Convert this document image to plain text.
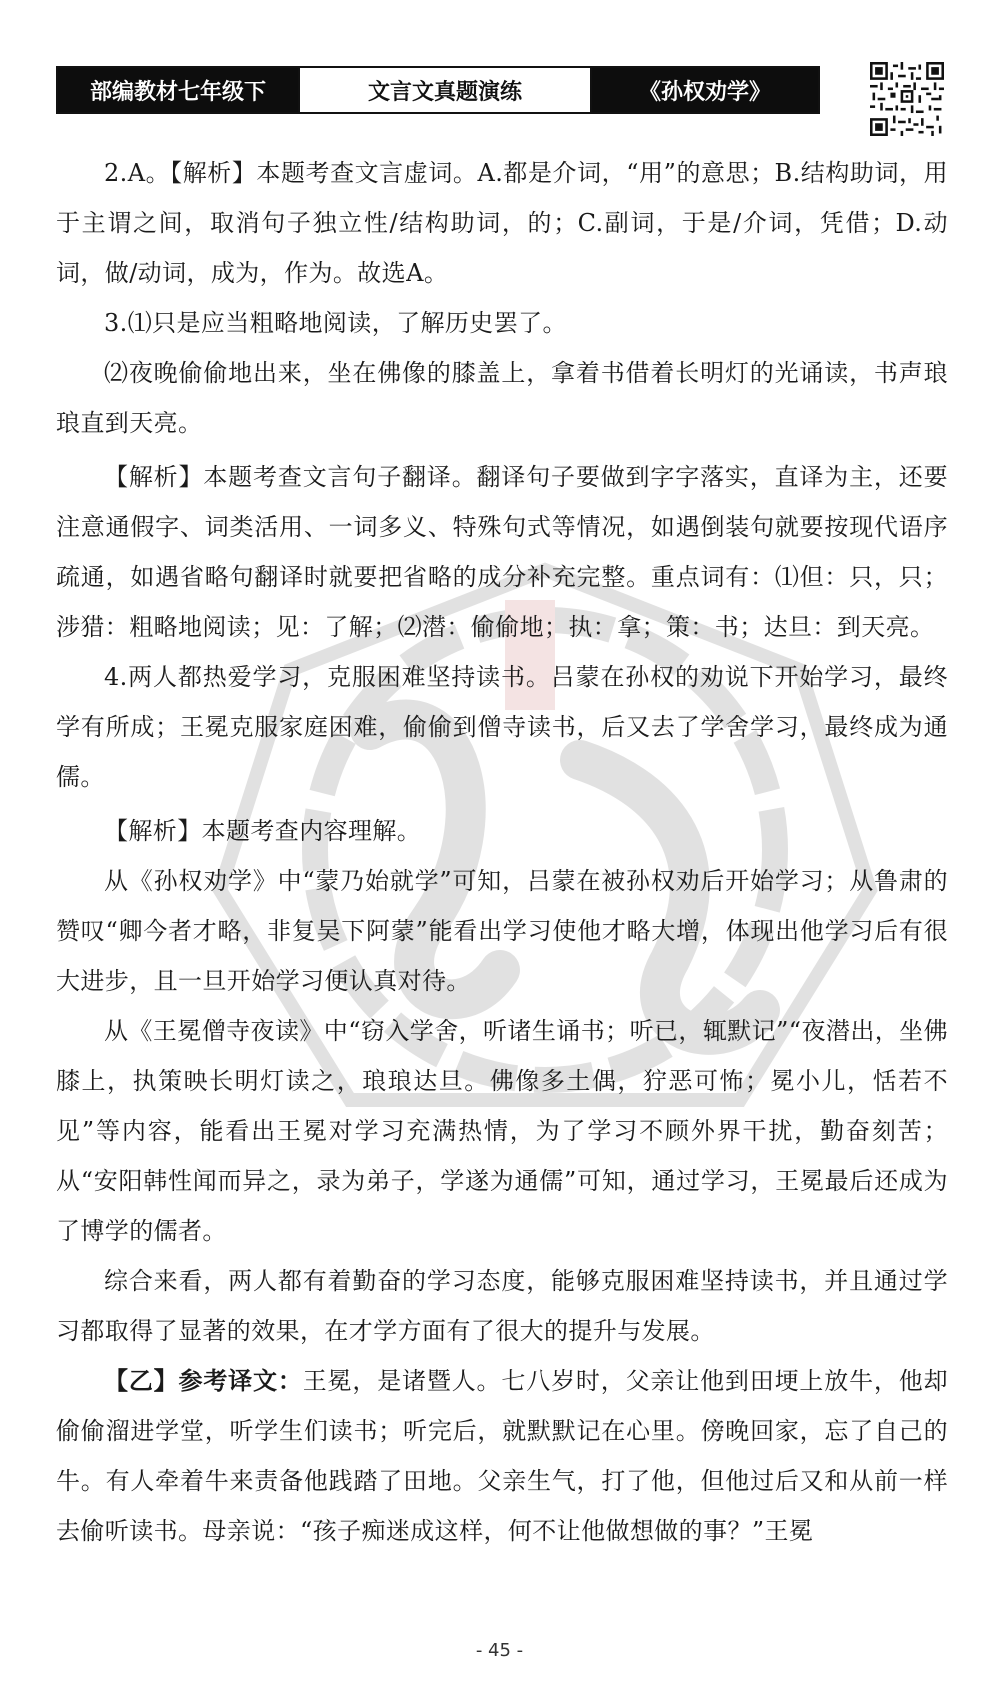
部编教材七年级下	文言文真题演练	《孙权劝学》

2.A。【解析】本题考查文言虚词。A.都是介词，“用”的意思；B.结构助词，用于主谓之间，取消句子独立性/结构助词，的；C.副词，于是/介词，凭借；D.动词，做/动词，成为，作为。故选A。

3.⑴只是应当粗略地阅读，了解历史罢了。

⑵夜晚偷偷地出来，坐在佛像的膝盖上，拿着书借着长明灯的光诵读，书声琅琅直到天亮。

【解析】本题考查文言句子翻译。翻译句子要做到字字落实，直译为主，还要注意通假字、词类活用、一词多义、特殊句式等情况，如遇倒装句就要按现代语序疏通，如遇省略句翻译时就要把省略的成分补充完整。重点词有：⑴但：只，只；涉猎：粗略地阅读；见：了解；⑵潜：偷偷地；执：拿；策：书；达旦：到天亮。

4.两人都热爱学习，克服困难坚持读书。吕蒙在孙权的劝说下开始学习，最终学有所成；王冕克服家庭困难，偷偷到僧寺读书，后又去了学舍学习，最终成为通儒。

【解析】本题考查内容理解。

从《孙权劝学》中“蒙乃始就学”可知，吕蒙在被孙权劝后开始学习；从鲁肃的赞叹“卿今者才略，非复吴下阿蒙”能看出学习使他才略大增，体现出他学习后有很大进步，且一旦开始学习便认真对待。

从《王冕僧寺夜读》中“窃入学舍，听诸生诵书；听已，辄默记”“夜潜出，坐佛膝上，执策映长明灯读之，琅琅达旦。佛像多土偶，狞恶可怖；冕小儿，恬若不见”等内容，能看出王冕对学习充满热情，为了学习不顾外界干扰，勤奋刻苦；从“安阳韩性闻而异之，录为弟子，学遂为通儒”可知，通过学习，王冕最后还成为了博学的儒者。

综合来看，两人都有着勤奋的学习态度，能够克服困难坚持读书，并且通过学习都取得了显著的效果，在才学方面有了很大的提升与发展。

【乙】参考译文：王冕，是诸暨人。七八岁时，父亲让他到田埂上放牛，他却偷偷溜进学堂，听学生们读书；听完后，就默默记在心里。傍晚回家，忘了自己的牛。有人牵着牛来责备他践踏了田地。父亲生气，打了他，但他过后又和从前一样去偷听读书。母亲说：“孩子痴迷成这样，何不让他做想做的事？”王冕

- 45 -
